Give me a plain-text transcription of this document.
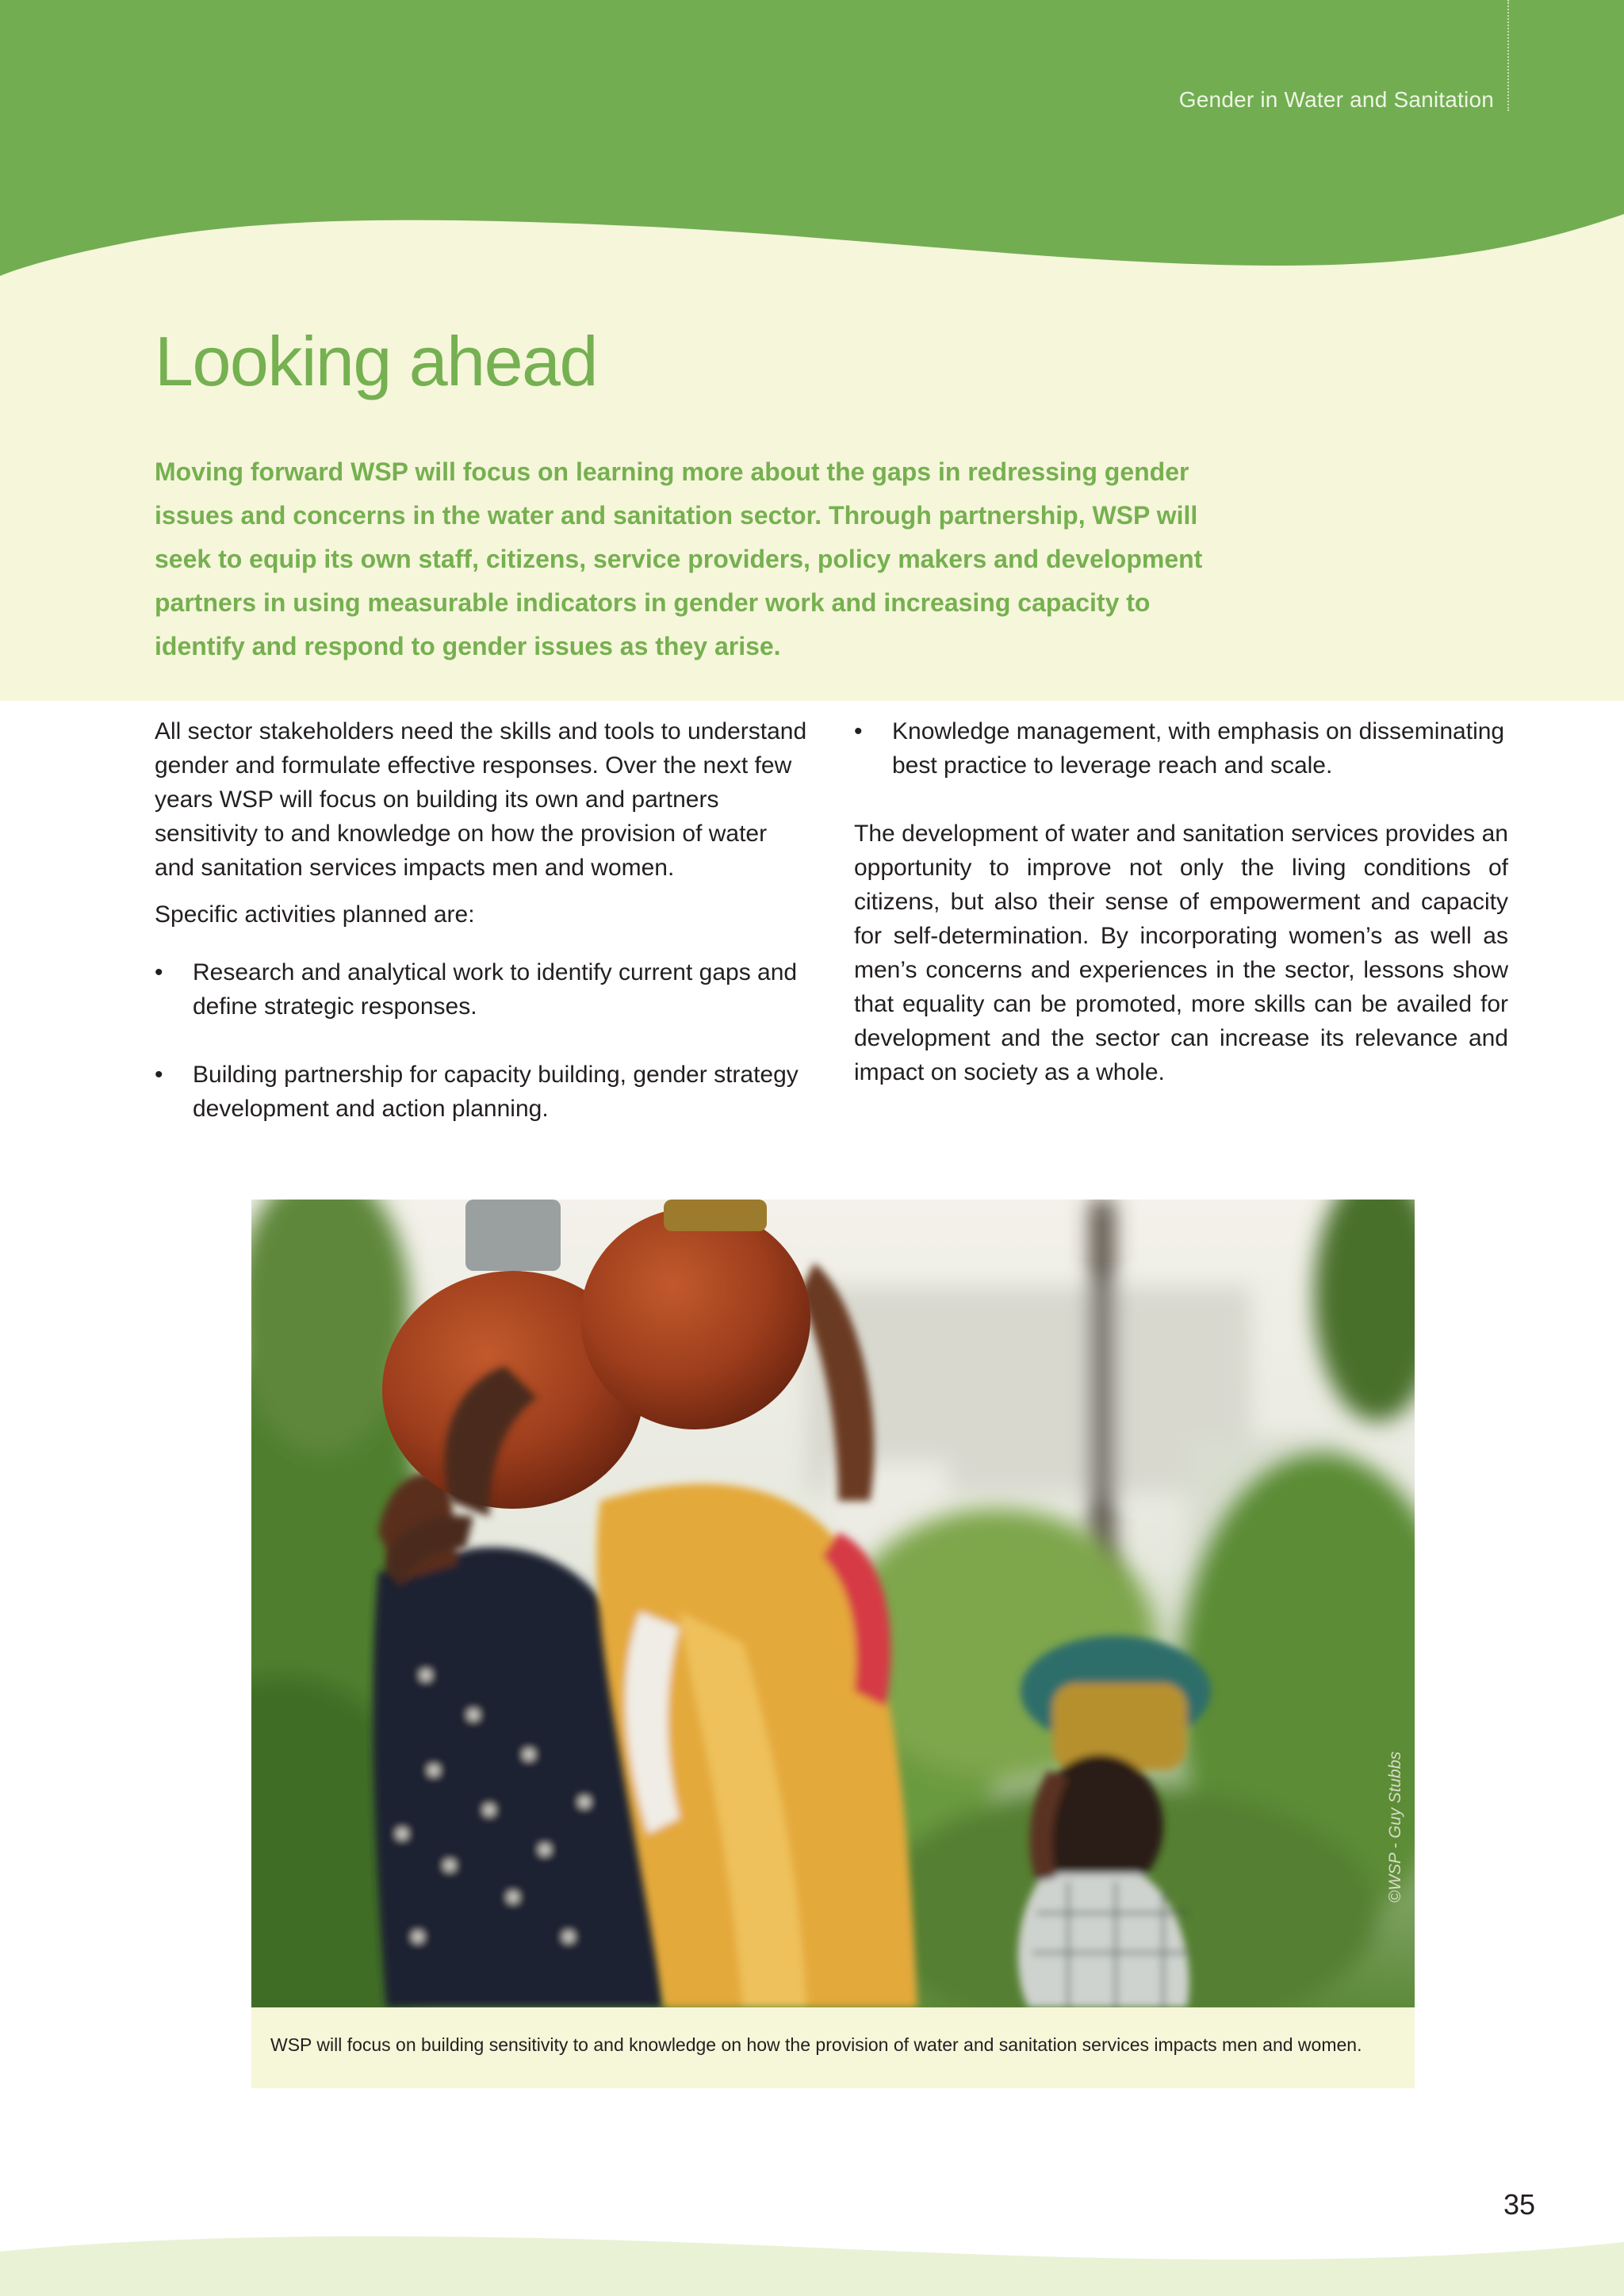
Gender in Water and Sanitation
Looking ahead

Moving forward WSP will focus on learning more about the gaps in redressing gender issues and concerns in the water and sanitation sector. Through partnership, WSP will seek to equip its own staff, citizens, service providers, policy makers and development partners in using measurable indicators in gender work and increasing capacity to identify and respond to gender issues as they arise.

All sector stakeholders need the skills and tools to understand gender and formulate effective responses. Over the next few years WSP will focus on building its own and partners sensitivity to and knowledge on how the provision of water and sanitation services impacts men and women.

Specific activities planned are:

• Research and analytical work to identify current gaps and define strategic responses.
• Building partnership for capacity building, gender strategy development and action planning.
• Knowledge management, with emphasis on disseminating best practice to leverage reach and scale.

The development of water and sanitation services provides an opportunity to improve not only the living conditions of citizens, but also their sense of empowerment and capacity for self-determination. By incorporating women’s as well as men’s concerns and experiences in the sector, lessons show that equality can be promoted, more skills can be availed for development and the sector can increase its relevance and impact on society as a whole.

©WSP - Guy Stubbs
WSP will focus on building sensitivity to and knowledge on how the provision of water and sanitation services impacts men and women.
35
